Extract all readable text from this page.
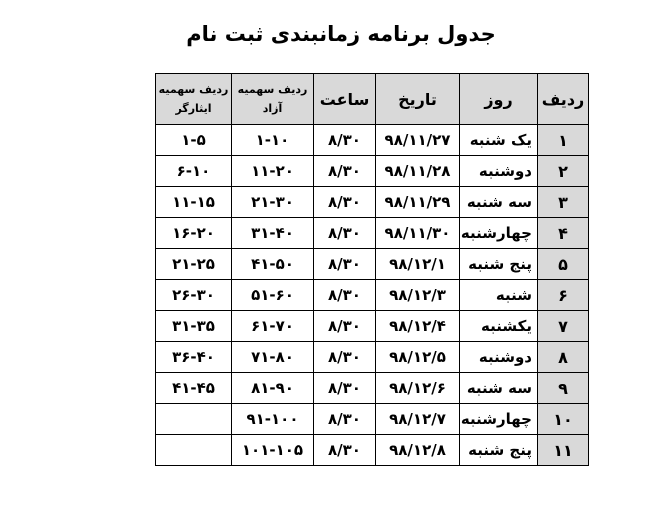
جدول برنامه زمانبندی ثبت نام
ردیف	روز	تاریخ	ساعت	ردیف سهمیه آزاد	ردیف سهمیه ایثارگر
۱	یک شنبه	۹۸/۱۱/۲۷	۸/۳۰	۱-۱۰	۱-۵
۲	دوشنبه	۹۸/۱۱/۲۸	۸/۳۰	۱۱-۲۰	۶-۱۰
۳	سه شنبه	۹۸/۱۱/۲۹	۸/۳۰	۲۱-۳۰	۱۱-۱۵
۴	چهارشنبه	۹۸/۱۱/۳۰	۸/۳۰	۳۱-۴۰	۱۶-۲۰
۵	پنج شنبه	۹۸/۱۲/۱	۸/۳۰	۴۱-۵۰	۲۱-۲۵
۶	شنبه	۹۸/۱۲/۳	۸/۳۰	۵۱-۶۰	۲۶-۳۰
۷	یکشنبه	۹۸/۱۲/۴	۸/۳۰	۶۱-۷۰	۳۱-۳۵
۸	دوشنبه	۹۸/۱۲/۵	۸/۳۰	۷۱-۸۰	۳۶-۴۰
۹	سه شنبه	۹۸/۱۲/۶	۸/۳۰	۸۱-۹۰	۴۱-۴۵
۱۰	چهارشنبه	۹۸/۱۲/۷	۸/۳۰	۹۱-۱۰۰	
۱۱	پنج شنبه	۹۸/۱۲/۸	۸/۳۰	۱۰۱-۱۰۵	
